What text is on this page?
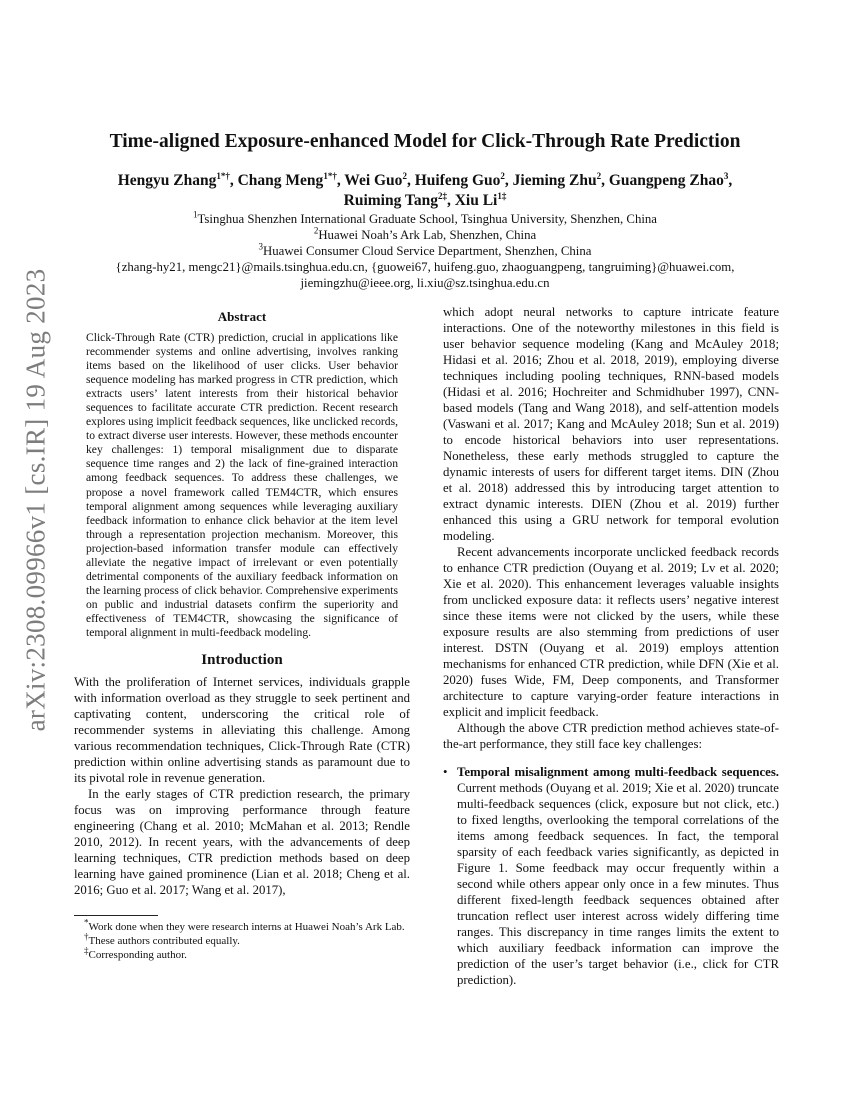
arXiv:2308.09966v1 [cs.IR] 19 Aug 2023
Time-aligned Exposure-enhanced Model for Click-Through Rate Prediction
Hengyu Zhang$^{1*\dagger}$, Chang Meng$^{1*\dagger}$, Wei Guo$^2$, Huifeng Guo$^2$, Jieming Zhu$^2$, Guangpeng Zhao$^3$,
Ruiming Tang$^{2\ddagger}$, Xiu $Li^{1\ddagger}$
$^1$Tsinghua Shenzhen International Graduate School, Tsinghua University, Shenzhen, China
$^2$Huawei Noah’s Ark Lab, Shenzhen, China
$^3$Huawei Consumer Cloud Service Department, Shenzhen, China
{zhang-hy21, mengc21}@mails.tsinghua.edu.cn, {guowei67, huifeng.guo, zhaoguangpeng, tangruiming}@huawei.com,
jiemingzhu@ieee.org, li.xiu@sz.tsinghua.edu.cn
Abstract

Click-Through Rate (CTR) prediction, crucial in applications like recommender systems and online advertising, involves ranking items based on the likelihood of user clicks. User behavior sequence modeling has marked progress in CTR prediction, which extracts users’ latent interests from their historical behavior sequences to facilitate accurate CTR prediction. Recent research explores using implicit feedback sequences, like unclicked records, to extract diverse user interests. However, these methods encounter key challenges: 1) temporal misalignment due to disparate sequence time ranges and 2) the lack of fine-grained interaction among feedback sequences. To address these challenges, we propose a novel framework called TEM4CTR, which ensures temporal alignment among sequences while leveraging auxiliary feedback information to enhance click behavior at the item level through a representation projection mechanism. Moreover, this projection-based information transfer module can effectively alleviate the negative impact of irrelevant or even potentially detrimental components of the auxiliary feedback information on the learning process of click behavior. Comprehensive experiments on public and industrial datasets confirm the superiority and effectiveness of TEM4CTR, showcasing the significance of temporal alignment in multi-feedback modeling.

Introduction

With the proliferation of Internet services, individuals grapple with information overload as they struggle to seek pertinent and captivating content, underscoring the critical role of recommender systems in alleviating this challenge. Among various recommendation techniques, Click-Through Rate (CTR) prediction within online advertising stands as paramount due to its pivotal role in revenue generation.

In the early stages of CTR prediction research, the primary focus was on improving performance through feature engineering (Chang et al. 2010; McMahan et al. 2013; Rendle 2010, 2012). In recent years, with the advancements of deep learning techniques, CTR prediction methods based on deep learning have gained prominence (Lian et al. 2018; Cheng et al. 2016; Guo et al. 2017; Wang et al. 2017),

*Work done when they were research interns at Huawei Noah’s Ark Lab.

†These authors contributed equally.

‡Corresponding author.

which adopt neural networks to capture intricate feature interactions. One of the noteworthy milestones in this field is user behavior sequence modeling (Kang and McAuley 2018; Hidasi et al. 2016; Zhou et al. 2018, 2019), employing diverse techniques including pooling techniques, RNN-based models (Hidasi et al. 2016; Hochreiter and Schmidhuber 1997), CNN-based models (Tang and Wang 2018), and self-attention models (Vaswani et al. 2017; Kang and McAuley 2018; Sun et al. 2019) to encode historical behaviors into user representations. Nonetheless, these early methods struggled to capture the dynamic interests of users for different target items. DIN (Zhou et al. 2018) addressed this by introducing target attention to extract dynamic interests. DIEN (Zhou et al. 2019) further enhanced this using a GRU network for temporal evolution modeling.

Recent advancements incorporate unclicked feedback records to enhance CTR prediction (Ouyang et al. 2019; Lv et al. 2020; Xie et al. 2020). This enhancement leverages valuable insights from unclicked exposure data: it reflects users’ negative interest since these items were not clicked by the users, while these exposure results are also stemming from predictions of user interest. DSTN (Ouyang et al. 2019) employs attention mechanisms for enhanced CTR prediction, while DFN (Xie et al. 2020) fuses Wide, FM, Deep components, and Transformer architecture to capture varying-order feature interactions in explicit and implicit feedback.

Although the above CTR prediction method achieves state-of-the-art performance, they still face key challenges:

• Temporal misalignment among multi-feedback sequences. Current methods (Ouyang et al. 2019; Xie et al. 2020) truncate multi-feedback sequences (click, exposure but not click, etc.) to fixed lengths, overlooking the temporal correlations of the items among feedback sequences. In fact, the temporal sparsity of each feedback varies significantly, as depicted in Figure 1. Some feedback may occur frequently within a second while others appear only once in a few minutes. Thus different fixed-length feedback sequences obtained after truncation reflect user interest across widely differing time ranges. This discrepancy in time ranges limits the extent to which auxiliary feedback information can improve the prediction of the user’s target behavior (i.e., click for CTR prediction).
